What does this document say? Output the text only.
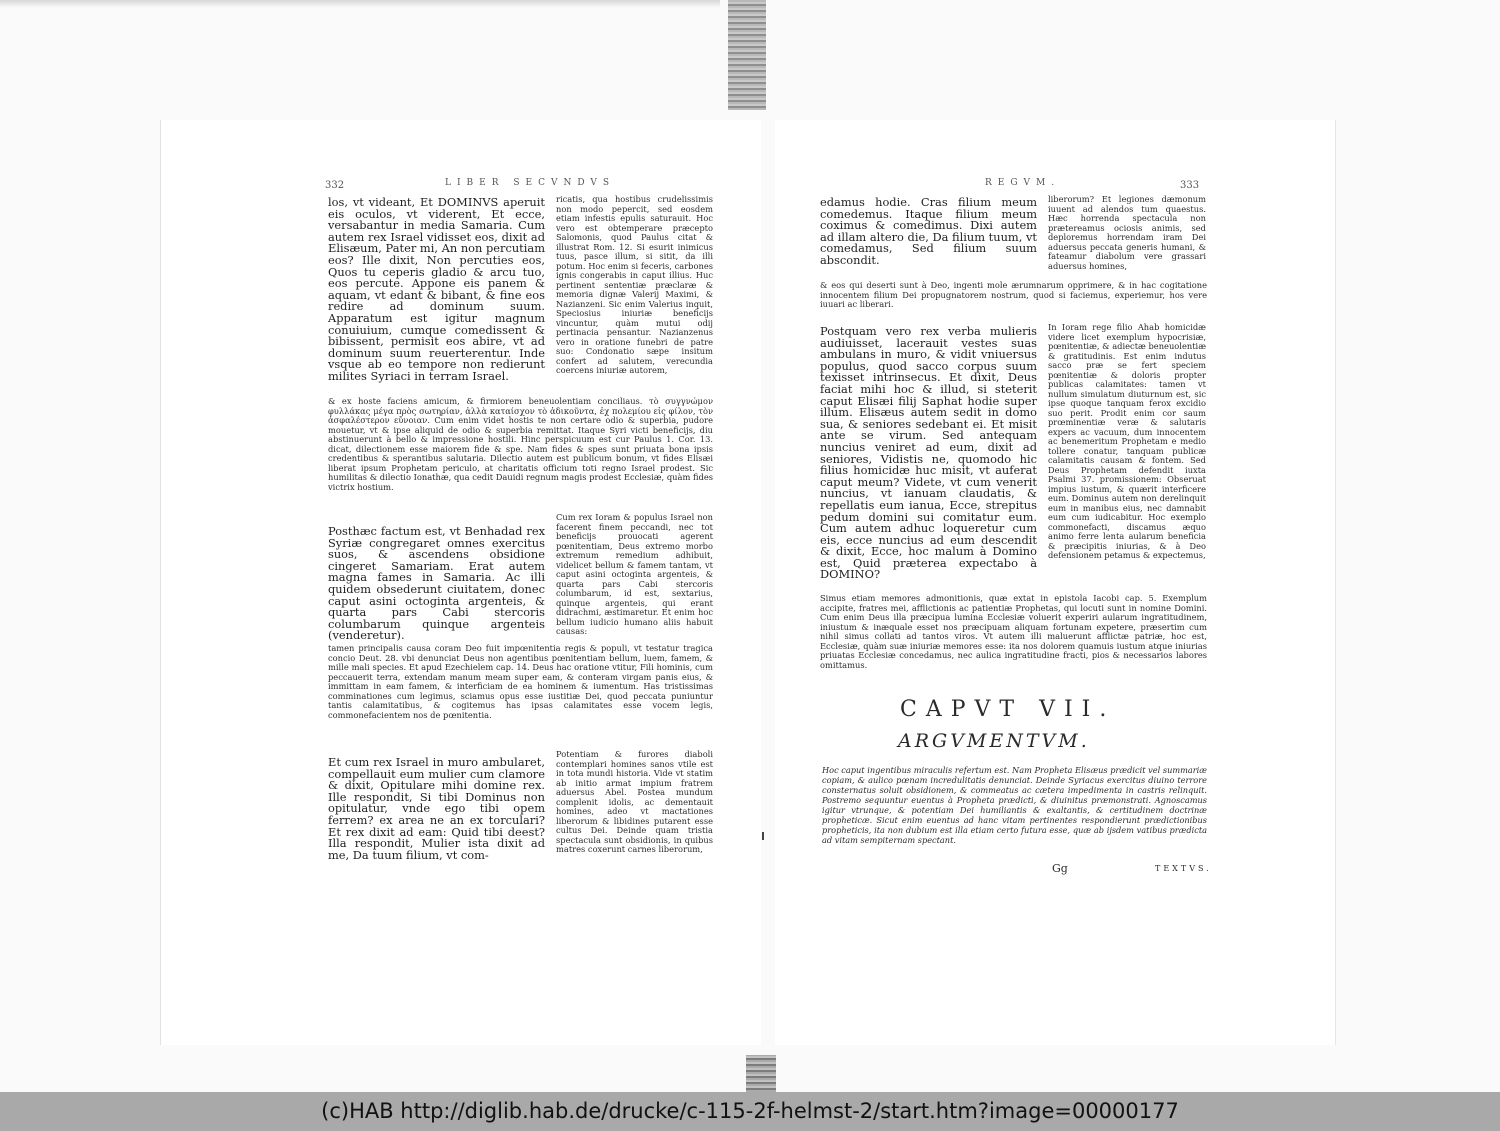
332	LIBER SECVNDVS
los, vt videant, Et DOMINVS aperuit eis oculos, vt viderent, Et ecce, versabantur in media Samaria. Cum autem rex Israel vidisset eos, dixit ad Elisæum, Pater mi, An non percutiam eos? Ille dixit, Non percuties eos, Quos tu ceperis gladio & arcu tuo, eos percute. Appone eis panem & aquam, vt edant & bibant, & fine eos redire ad dominum suum. Apparatum est igitur magnum conuiuium, cumque comedissent & bibissent, permisit eos abire, vt ad dominum suum reuerterentur. Inde vsque ab eo tempore non redierunt milites Syriaci in terram Israel.
ricatis, qua hostibus crudelissimis non modo pepercit, sed eosdem etiam infestis epulis saturauit. Hoc vero est obtemperare præcepto Salomonis, quod Paulus citat & illustrat Rom. 12. Si esurit inimicus tuus, pasce illum, si sitit, da illi potum. Hoc enim si feceris, carbones ignis congerabis in caput illius. Huc pertinent sententiæ præclaræ & memoria dignæ Valerij Maximi, & Nazianzeni. Sic enim Valerius inquit, Speciosius iniuriæ beneficijs vincuntur, quàm mutui odij pertinacia pensantur. Nazianzenus vero in oratione funebri de patre suo: Condonatio sæpe insitum confert ad salutem, verecundia coercens iniuriæ autorem,
& ex hoste faciens amicum, & firmiorem beneuolentiam conciliaus. τὸ συγγνώμον φυλλάκας μέγα πρὸς σωτηρίαν, ἀλλὰ καταίσχον τὸ ἀδικοῦντα, ἐχ πολεμίου εἰς φίλον, τὸν ἀσφαλέστερον εὔνοιαν. Cum enim videt hostis te non certare odio & superbia, pudore mouetur, vt & ipse aliquid de odio & superbia remittat. Itaque Syri victi beneficijs, diu abstinuerunt à bello & impressione hostili. Hinc perspicuum est cur Paulus 1. Cor. 13. dicat, dilectionem esse maiorem fide & spe. Nam fides & spes sunt priuata bona ipsis credentibus & sperantibus salutaria. Dilectio autem est publicum bonum, vt fides Elisæi liberat ipsum Prophetam periculo, at charitatis officium toti regno Israel prodest. Sic humilitas & dilectio Ionathæ, qua cedit Dauidi regnum magis prodest Ecclesiæ, quàm fides victrix hostium.
Posthæc factum est, vt Benhadad rex Syriæ congregaret omnes exercitus suos, & ascendens obsidione cingeret Samariam. Erat autem magna fames in Samaria. Ac illi quidem obsederunt ciuitatem, donec caput asini octoginta argenteis, & quarta pars Cabi stercoris columbarum quinque argenteis (venderetur).
Cum rex Ioram & populus Israel non facerent finem peccandi, nec tot beneficijs prouocati agerent pœnitentiam, Deus extremo morbo extremum remedium adhibuit, videlicet bellum & famem tantam, vt caput asini octoginta argenteis, & quarta pars Cabi stercoris columbarum, id est, sextarius, quinque argenteis, qui erant didrachmi, æstimaretur. Et enim hoc bellum iudicio humano aliis habuit causas:
tamen principalis causa coram Deo fuit impœnitentia regis & populi, vt testatur tragica concio Deut. 28. vbi denunciat Deus non agentibus pœnitentiam bellum, luem, famem, & mille mali species. Et apud Ezechielem cap. 14. Deus hac oratione vtitur, Fili hominis, cum peccauerit terra, extendam manum meam super eam, & conteram virgam panis eius, & immittam in eam famem, & interficiam de ea hominem & iumentum. Has tristissimas comminationes cum legimus, sciamus opus esse iustitiæ Dei, quod peccata puniuntur tantis calamitatibus, & cogitemus has ipsas calamitates esse vocem legis, commonefacientem nos de pœnitentia.
Et cum rex Israel in muro ambularet, compellauit eum mulier cum clamore & dixit, Opitulare mihi domine rex. Ille respondit, Si tibi Dominus non opitulatur, vnde ego tibi opem ferrem? ex area ne an ex torculari? Et rex dixit ad eam: Quid tibi deest? Illa respondit, Mulier ista dixit ad me, Da tuum filium, vt com-
Potentiam & furores diaboli contemplari homines sanos vtile est in tota mundi historia. Vide vt statim ab initio armat impium fratrem aduersus Abel. Postea mundum complenit idolis, ac dementauit homines, adeo vt mactationes liberorum & libidines putarent esse cultus Dei. Deinde quam tristia spectacula sunt obsidionis, in quibus matres coxerunt carnes liberorum,
REGVM.	333
edamus hodie. Cras filium meum comedemus. Itaque filium meum coximus & comedimus. Dixi autem ad illam altero die, Da filium tuum, vt comedamus, Sed filium suum abscondit.
liberorum? Et legiones dæmonum iuuent ad alendos tum quaestus. Hæc horrenda spectacula non prætereamus ociosis animis, sed deploremus horrendam iram Dei aduersus peccata generis humani, & fateamur diabolum vere grassari aduersus homines,
& eos qui deserti sunt à Deo, ingenti mole ærumnarum opprimere, & in hac cogitatione innocentem filium Dei propugnatorem nostrum, quod si faciemus, experiemur, hos vere iuuari ac liberari.
Postquam vero rex verba mulieris audiuisset, lacerauit vestes suas ambulans in muro, & vidit vniuersus populus, quod sacco corpus suum texisset intrinsecus. Et dixit, Deus faciat mihi hoc & illud, si steterit caput Elisæi filij Saphat hodie super illum. Elisæus autem sedit in domo sua, & seniores sedebant ei. Et misit ante se virum. Sed antequam nuncius veniret ad eum, dixit ad seniores, Vidistis ne, quomodo hic filius homicidæ huc misit, vt auferat caput meum? Videte, vt cum venerit nuncius, vt ianuam claudatis, & repellatis eum ianua, Ecce, strepitus pedum domini sui comitatur eum. Cum autem adhuc loqueretur cum eis, ecce nuncius ad eum descendit & dixit, Ecce, hoc malum à Domino est, Quid præterea expectabo à DOMINO?
In Ioram rege filio Ahab homicidæ videre licet exemplum hypocrisiæ, pœnitentiæ, & adiectæ beneuolentiæ & gratitudinis. Est enim indutus sacco præ se fert speciem pœnitentiæ & doloris propter publicas calamitates: tamen vt nullum simulatum diuturnum est, sic ipse quoque tanquam ferox excidio suo perit. Prodit enim cor saum prœminentiæ veræ & salutaris expers ac vacuum, dum innocentem ac benemeritum Prophetam e medio tollere conatur, tanquam publicæ calamitatis causam & fontem. Sed Deus Prophetam defendit iuxta Psalmi 37. promissionem: Obseruat impius iustum, & quærit interficere eum. Dominus autem non derelinquit eum in manibus eius, nec damnabit eum cum iudicabitur. Hoc exemplo commonefacti, discamus æquo animo ferre lenta aularum beneficia & præcipitis iniurias, & à Deo defensionem petamus & expectemus,
Simus etiam memores admonitionis, quæ extat in epistola Iacobi cap. 5. Exemplum accipite, fratres mei, afflictionis ac patientiæ Prophetas, qui locuti sunt in nomine Domini. Cum enim Deus illa præcipua lumina Ecclesiæ voluerit experiri aularum ingratitudinem, iniustum & inæquale esset nos præcipuam aliquam fortunam expetere, præsertim cum nihil simus collati ad tantos viros. Vt autem illi maluerunt afflictæ patriæ, hoc est, Ecclesiæ, quàm suæ iniuriæ memores esse: ita nos dolorem quamuis iustum atque iniurias priuatas Ecclesiæ concedamus, nec aulica ingratitudine fracti, pios & necessarios labores omittamus.
CAPVT VII.
ARGVMENTVM.
Hoc caput ingentibus miraculis refertum est. Nam Propheta Elisæus prædicit vel summariæ copiam, & aulico pœnam incredulitatis denunciat. Deinde Syriacus exercitus diuino terrore consternatus soluit obsidionem, & commeatus ac cætera impedimenta in castris relinquit. Postremo sequuntur euentus à Propheta prædicti, & diuinitus præmonstrati. Agnoscamus igitur vtrunque, & potentiam Dei humiliantis & exaltantis, & certitudinem doctrinæ propheticæ. Sicut enim euentus ad hanc vitam pertinentes respondierunt prædictionibus propheticis, ita non dubium est illa etiam certo futura esse, quæ ab ijsdem vatibus prædicta ad vitam sempiternam spectant.
Gg	TEXTVS.
(c)HAB http://diglib.hab.de/drucke/c-115-2f-helmst-2/start.htm?image=00000177
